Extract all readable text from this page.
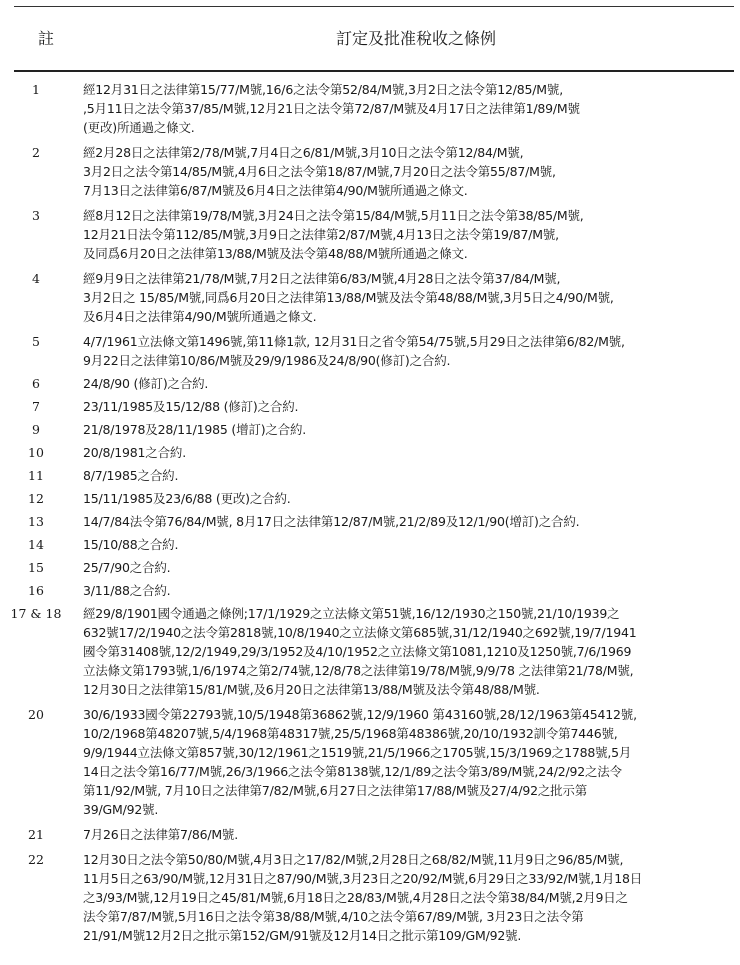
註	訂定及批准稅收之條例
1	經12月31日之法律第15/77/M號,16/6之法令第52/84/M號,3月2日之法令第12/85/M號,
,5月11日之法令第37/85/M號,12月21日之法令第72/87/M號及4月17日之法律第1/89/M號
(更改)所通過之條文.
2	經2月28日之法律第2/78/M號,7月4日之6/81/M號,3月10日之法令第12/84/M號,
3月2日之法令第14/85/M號,4月6日之法令第18/87/M號,7月20日之法令第55/87/M號,
7月13日之法律第6/87/M號及6月4日之法律第4/90/M號所通過之條文.
3	經8月12日之法律第19/78/M號,3月24日之法令第15/84/M號,5月11日之法令第38/85/M號,
12月21日法令第112/85/M號,3月9日之法律第2/87/M號,4月13日之法令第19/87/M號,
及同爲6月20日之法律第13/88/M號及法令第48/88/M號所通過之條文.
4	經9月9日之法律第21/78/M號,7月2日之法律第6/83/M號,4月28日之法令第37/84/M號,
3月2日之 15/85/M號,同爲6月20日之法律第13/88/M號及法令第48/88/M號,3月5日之4/90/M號,
及6月4日之法律第4/90/M號所通過之條文.
5	4/7/1961立法條文第1496號,第11條1款, 12月31日之省令第54/75號,5月29日之法律第6/82/M號,
9月22日之法律第10/86/M號及29/9/1986及24/8/90(修訂)之合約.
6	24/8/90 (修訂)之合約.
7	23/11/1985及15/12/88 (修訂)之合約.
9	21/8/1978及28/11/1985 (增訂)之合約.
10	20/8/1981之合約.
11	8/7/1985之合約.
12	15/11/1985及23/6/88 (更改)之合約.
13	14/7/84法令第76/84/M號, 8月17日之法律第12/87/M號,21/2/89及12/1/90(增訂)之合約.
14	15/10/88之合約.
15	25/7/90之合約.
16	3/11/88之合約.
17 & 18	經29/8/1901國令通過之條例;17/1/1929之立法條文第51號,16/12/1930之150號,21/10/1939之
632號17/2/1940之法令第2818號,10/8/1940之立法條文第685號,31/12/1940之692號,19/7/1941
國令第31408號,12/2/1949,29/3/1952及4/10/1952之立法條文第1081,1210及1250號,7/6/1969
立法條文第1793號,1/6/1974之第2/74號,12/8/78之法律第19/78/M號,9/9/78 之法律第21/78/M號,
12月30日之法律第15/81/M號,及6月20日之法律第13/88/M號及法令第48/88/M號.
20	30/6/1933國令第22793號,10/5/1948第36862號,12/9/1960 第43160號,28/12/1963第45412號,
10/2/1968第48207號,5/4/1968第48317號,25/5/1968第48386號,20/10/1932訓令第7446號,
9/9/1944立法條文第857號,30/12/1961之1519號,21/5/1966之1705號,15/3/1969之1788號,5月
14日之法令第16/77/M號,26/3/1966之法令第8138號,12/1/89之法令第3/89/M號,24/2/92之法令
第11/92/M號, 7月10日之法律第7/82/M號,6月27日之法律第17/88/M號及27/4/92之批示第
39/GM/92號.
21	7月26日之法律第7/86/M號.
22	12月30日之法令第50/80/M號,4月3日之17/82/M號,2月28日之68/82/M號,11月9日之96/85/M號,
11月5日之63/90/M號,12月31日之87/90/M號,3月23日之20/92/M號,6月29日之33/92/M號,1月18日
之3/93/M號,12月19日之45/81/M號,6月18日之28/83/M號,4月28日之法令第38/84/M號,2月9日之
法令第7/87/M號,5月16日之法令第38/88/M號,4/10之法令第67/89/M號, 3月23日之法令第
21/91/M號12月2日之批示第152/GM/91號及12月14日之批示第109/GM/92號.
